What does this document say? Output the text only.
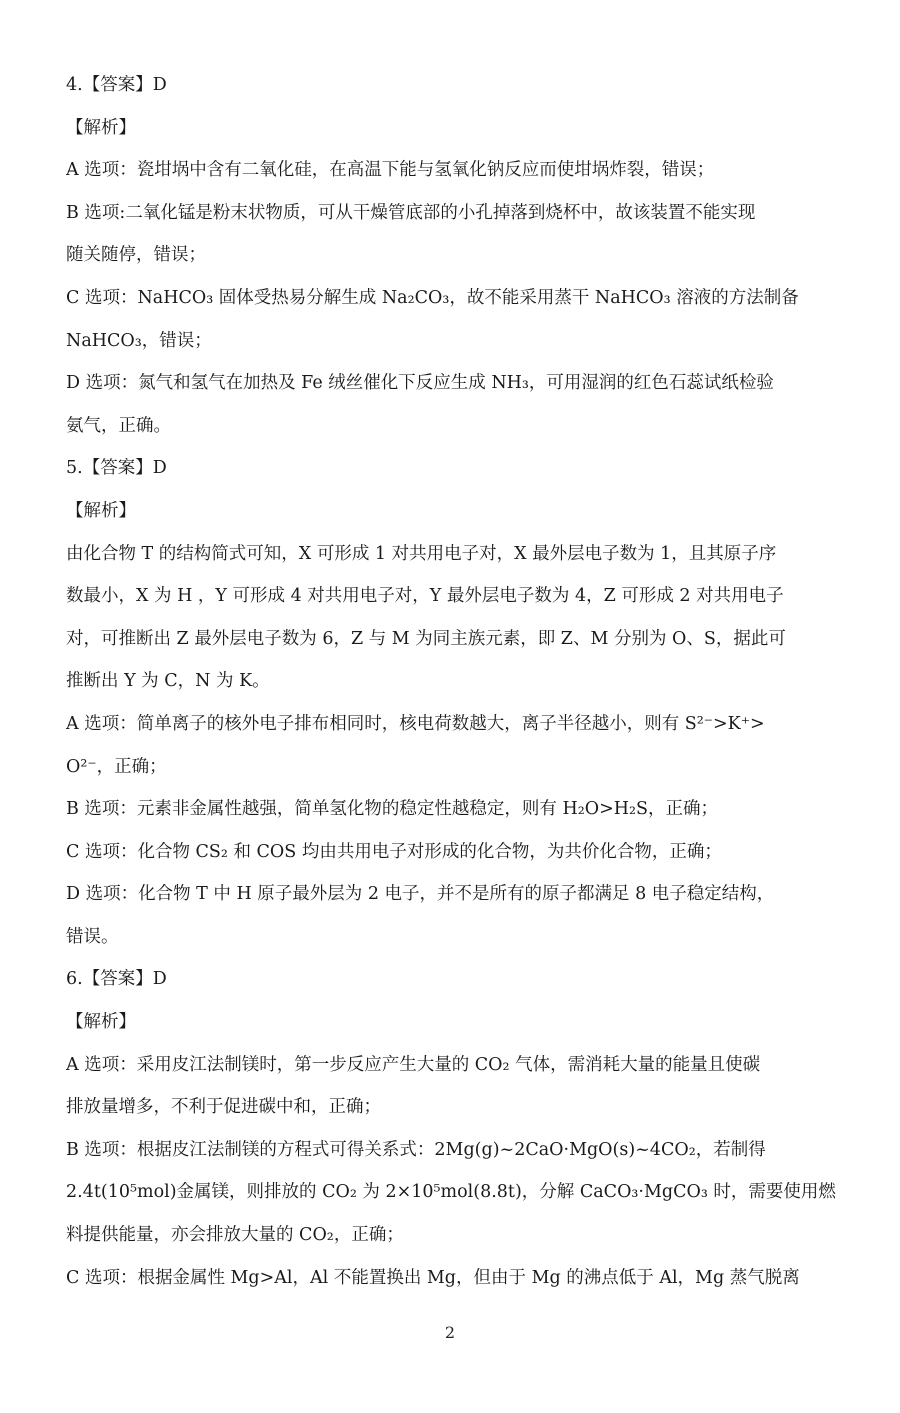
4.【答案】D
【解析】
A 选项：瓷坩埚中含有二氧化硅，在高温下能与氢氧化钠反应而使坩埚炸裂，错误；
B 选项:二氧化锰是粉末状物质，可从干燥管底部的小孔掉落到烧杯中，故该装置不能实现
随关随停，错误；
C 选项：NaHCO₃ 固体受热易分解生成 Na₂CO₃，故不能采用蒸干 NaHCO₃ 溶液的方法制备
NaHCO₃，错误；
D 选项：氮气和氢气在加热及 Fe 绒丝催化下反应生成 NH₃，可用湿润的红色石蕊试纸检验
氨气，正确。
5.【答案】D
【解析】
由化合物 T 的结构简式可知，X 可形成 1 对共用电子对，X 最外层电子数为 1，且其原子序
数最小，X 为 H ，Y 可形成 4 对共用电子对，Y 最外层电子数为 4，Z 可形成 2 对共用电子
对，可推断出 Z 最外层电子数为 6，Z 与 M 为同主族元素，即 Z、M 分别为 O、S，据此可
推断出 Y 为 C，N 为 K。
A 选项：简单离子的核外电子排布相同时，核电荷数越大，离子半径越小，则有 S²⁻>K⁺>
O²⁻，正确；
B 选项：元素非金属性越强，简单氢化物的稳定性越稳定，则有 H₂O>H₂S，正确；
C 选项：化合物 CS₂ 和 COS 均由共用电子对形成的化合物，为共价化合物，正确；
D 选项：化合物 T 中 H 原子最外层为 2 电子，并不是所有的原子都满足 8 电子稳定结构，
错误。
6.【答案】D
【解析】
A 选项：采用皮江法制镁时，第一步反应产生大量的 CO₂ 气体，需消耗大量的能量且使碳
排放量增多，不利于促进碳中和，正确；
B 选项：根据皮江法制镁的方程式可得关系式：2Mg(g)~2CaO·MgO(s)~4CO₂，若制得
2.4t(10⁵mol)金属镁，则排放的 CO₂ 为 2×10⁵mol(8.8t)，分解 CaCO₃·MgCO₃ 时，需要使用燃
料提供能量，亦会排放大量的 CO₂，正确；
C 选项：根据金属性 Mg>Al，Al 不能置换出 Mg，但由于 Mg 的沸点低于 Al，Mg 蒸气脱离
2
